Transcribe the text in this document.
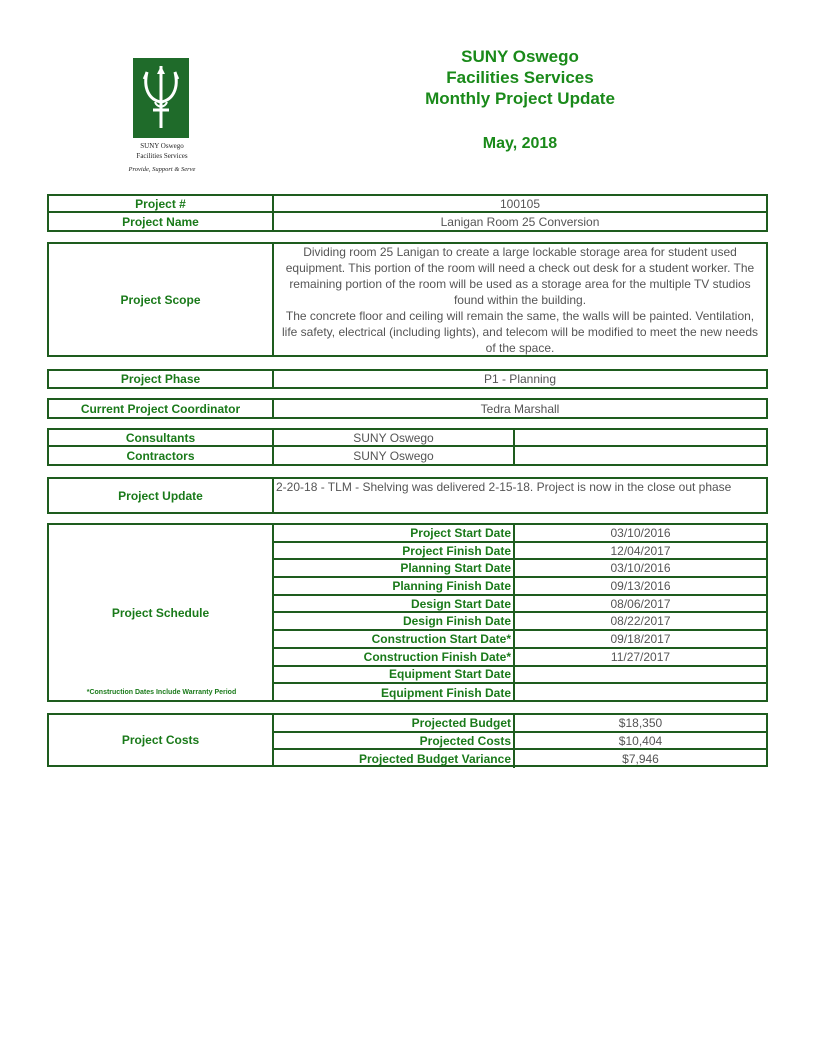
SUNY Oswego
Facilities Services
Provide, Support & Serve
SUNY Oswego
Facilities Services
Monthly Project Update
May, 2018
Project #	100105
Project Name	Lanigan Room 25 Conversion
Project Scope
Dividing room 25 Lanigan to create a large lockable storage area for student used equipment. This portion of the room will need a check out desk for a student worker. The remaining portion of the room will be used as a storage area for the multiple TV studios found within the building.
The concrete floor and ceiling will remain the same, the walls will be painted. Ventilation, life safety, electrical (including lights), and telecom will be modified to meet the new needs of the space.
Project Phase	P1 - Planning
Current Project Coordinator	Tedra Marshall
Consultants	SUNY Oswego
Contractors	SUNY Oswego
Project Update
2-20-18 - TLM - Shelving was delivered 2-15-18. Project is now in the close out phase
Project Schedule
*Construction Dates Include Warranty Period
Project Start Date	03/10/2016
Project Finish Date	12/04/2017
Planning Start Date	03/10/2016
Planning Finish Date	09/13/2016
Design Start Date	08/06/2017
Design Finish Date	08/22/2017
Construction Start Date*	09/18/2017
Construction Finish Date*	11/27/2017
Equipment Start Date
Equipment Finish Date
Project Costs
Projected Budget	$18,350
Projected Costs	$10,404
Projected Budget Variance	$7,946
